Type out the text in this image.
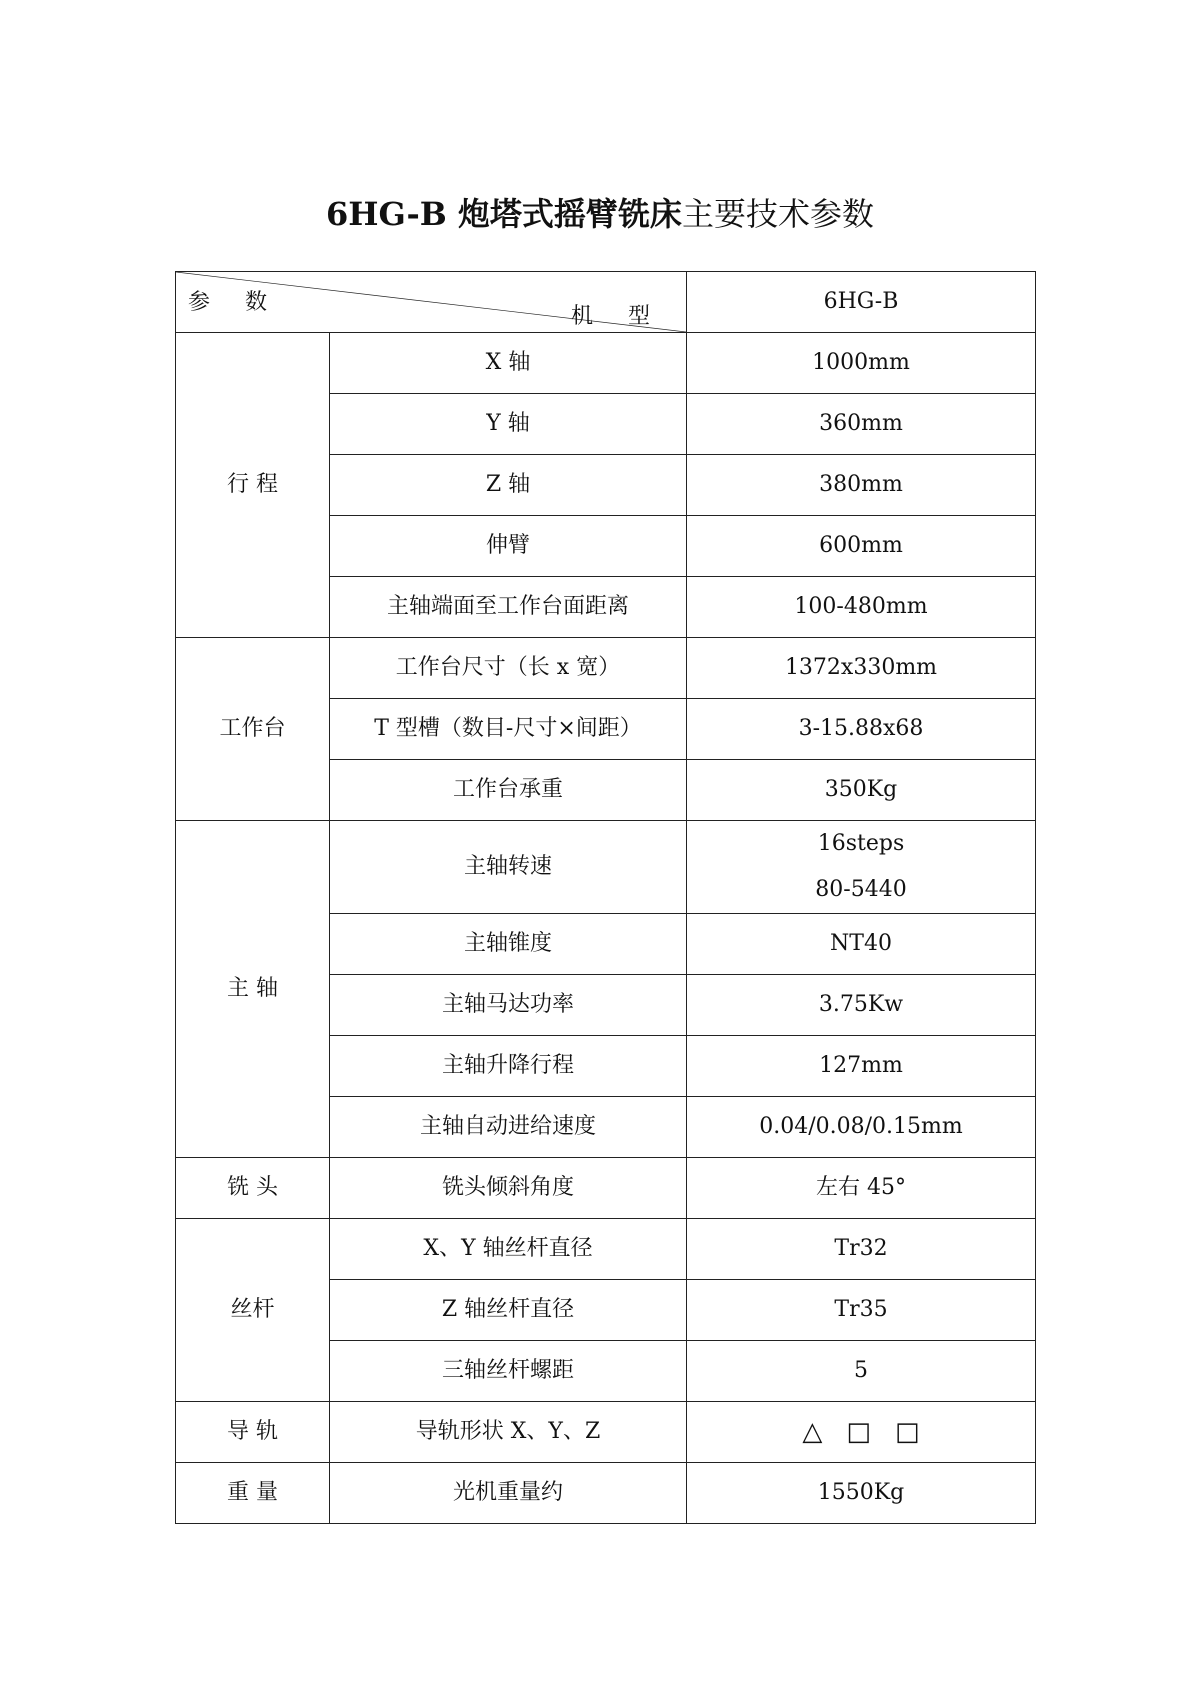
6HG-B 炮塔式摇臂铣床主要技术参数
机 型
参 数		6HG-B
行 程	X 轴	1000mm
	Y 轴	360mm
	Z 轴	380mm
	伸臂	600mm
	主轴端面至工作台面距离	100-480mm
工作台	工作台尺寸（长 x 宽）	1372x330mm
	T 型槽（数目-尺寸×间距）	3-15.88x68
	工作台承重	350Kg
主 轴	主轴转速	16steps
80-5440

	主轴锥度	NT40
	主轴马达功率	3.75Kw
	主轴升降行程	127mm
	主轴自动进给速度	0.04/0.08/0.15mm
铣 头	铣头倾斜角度	左右 45°
丝杆	X、Y 轴丝杆直径	Tr32
	Z 轴丝杆直径	Tr35
	三轴丝杆螺距	5
导 轨	导轨形状 X、Y、Z	△ □ □
重 量	光机重量约	1550Kg
